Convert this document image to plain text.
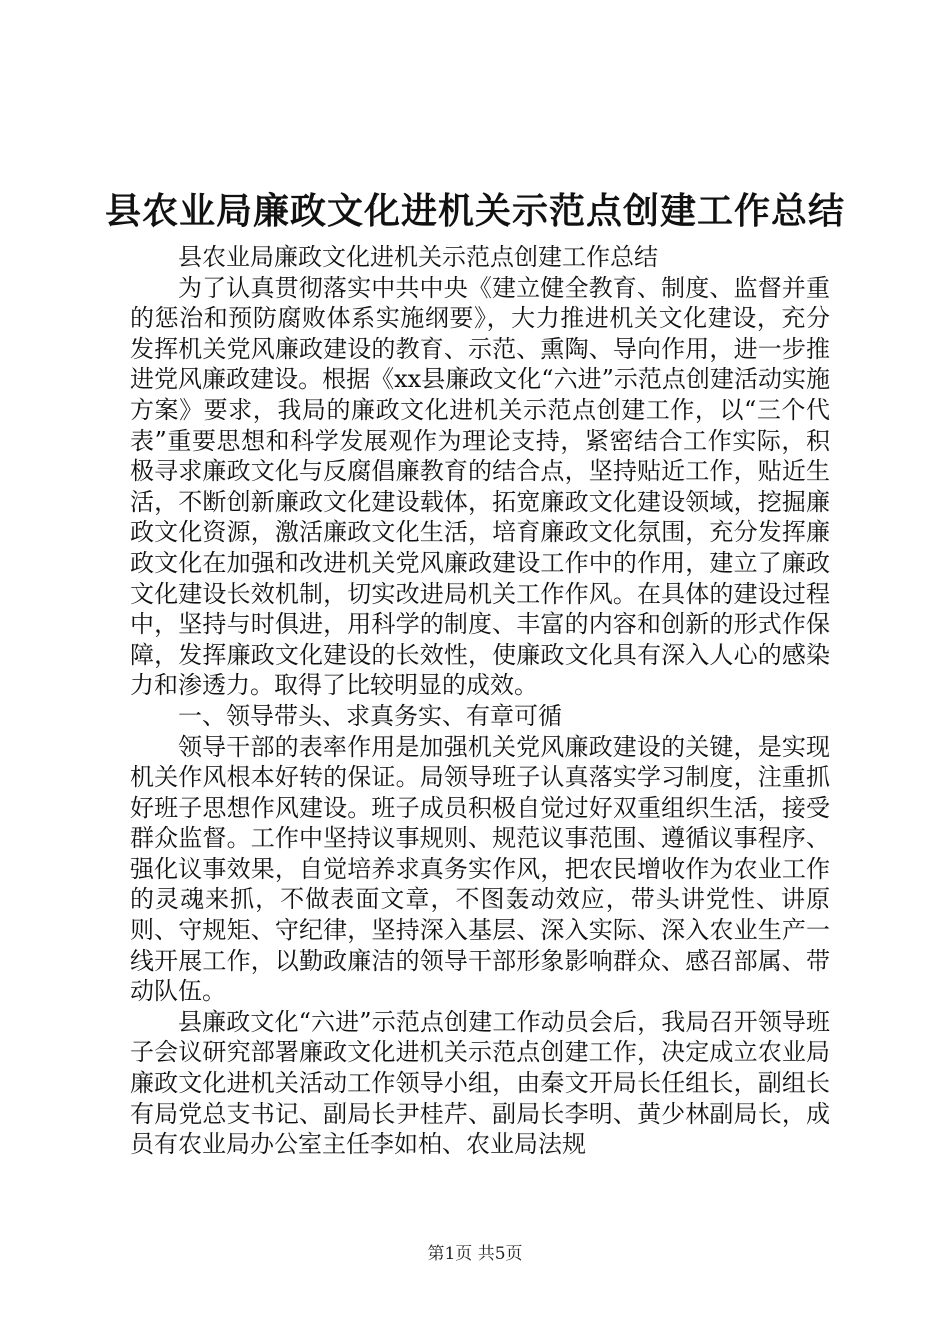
县农业局廉政文化进机关示范点创建工作总结

县农业局廉政文化进机关示范点创建工作总结

为了认真贯彻落实中共中央《建立健全教育、制度、监督并重的惩治和预防腐败体系实施纲要》，大力推进机关文化建设，充分发挥机关党风廉政建设的教育、示范、熏陶、导向作用，进一步推进党风廉政建设。根据《xx县廉政文化“六进”示范点创建活动实施方案》要求，我局的廉政文化进机关示范点创建工作，以“三个代表”重要思想和科学发展观作为理论支持，紧密结合工作实际，积极寻求廉政文化与反腐倡廉教育的结合点，坚持贴近工作，贴近生活，不断创新廉政文化建设载体，拓宽廉政文化建设领域，挖掘廉政文化资源，激活廉政文化生活，培育廉政文化氛围，充分发挥廉政文化在加强和改进机关党风廉政建设工作中的作用，建立了廉政文化建设长效机制，切实改进局机关工作作风。在具体的建设过程中，坚持与时俱进，用科学的制度、丰富的内容和创新的形式作保障，发挥廉政文化建设的长效性，使廉政文化具有深入人心的感染力和渗透力。取得了比较明显的成效。

一、领导带头、求真务实、有章可循

领导干部的表率作用是加强机关党风廉政建设的关键，是实现机关作风根本好转的保证。局领导班子认真落实学习制度，注重抓好班子思想作风建设。班子成员积极自觉过好双重组织生活，接受群众监督。工作中坚持议事规则、规范议事范围、遵循议事程序、强化议事效果，自觉培养求真务实作风，把农民增收作为农业工作的灵魂来抓，不做表面文章，不图轰动效应，带头讲党性、讲原则、守规矩、守纪律，坚持深入基层、深入实际、深入农业生产一线开展工作，以勤政廉洁的领导干部形象影响群众、感召部属、带动队伍。

县廉政文化“六进”示范点创建工作动员会后，我局召开领导班子会议研究部署廉政文化进机关示范点创建工作，决定成立农业局廉政文化进机关活动工作领导小组，由秦文开局长任组长，副组长有局党总支书记、副局长尹桂芹、副局长李明、黄少林副局长，成员有农业局办公室主任李如柏、农业局法规

第1页 共5页
